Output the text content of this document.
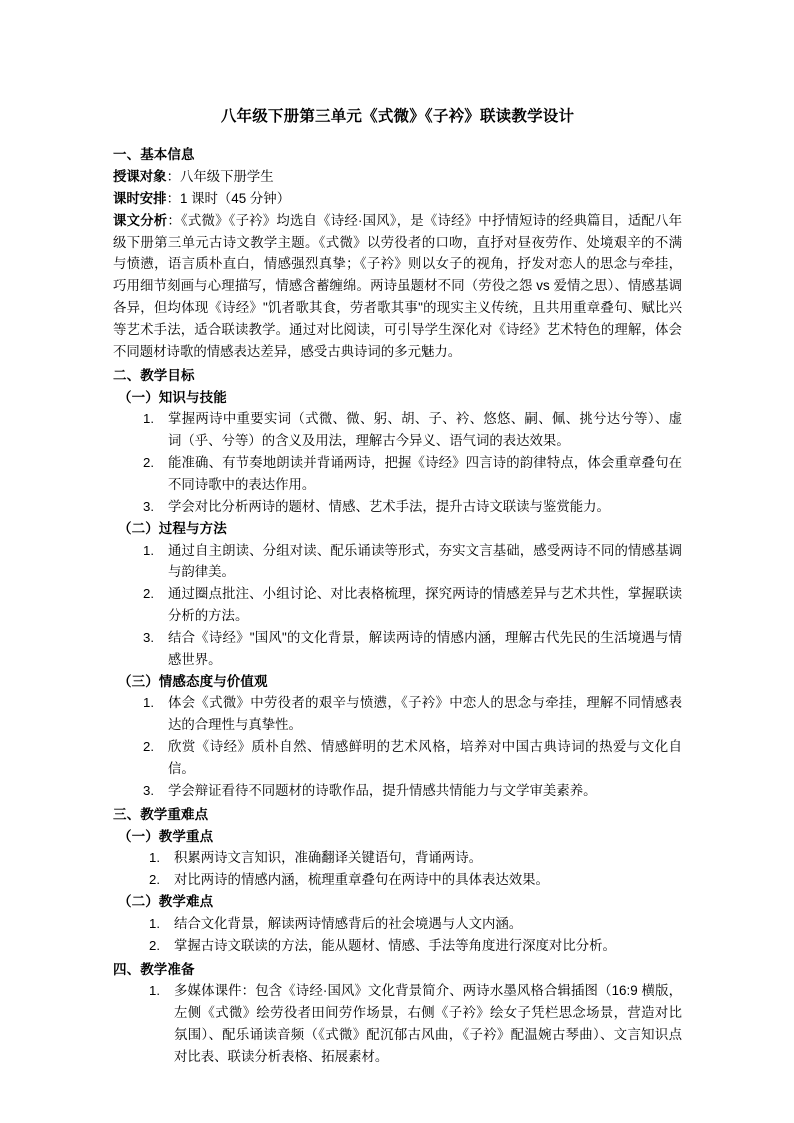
八年级下册第三单元《式微》《子衿》联读教学设计
一、基本信息

授课对象：八年级下册学生

课时安排：1 课时（45 分钟）

课文分析：《式微》《子衿》均选自《诗经·国风》，是《诗经》中抒情短诗的经典篇目，适配八年级下册第三单元古诗文教学主题。《式微》以劳役者的口吻，直抒对昼夜劳作、处境艰辛的不满与愤懑，语言质朴直白，情感强烈真挚；《子衿》则以女子的视角，抒发对恋人的思念与牵挂，巧用细节刻画与心理描写，情感含蓄缠绵。两诗虽题材不同（劳役之怨 vs 爱情之思）、情感基调各异，但均体现《诗经》"饥者歌其食，劳者歌其事"的现实主义传统，且共用重章叠句、赋比兴等艺术手法，适合联读教学。通过对比阅读，可引导学生深化对《诗经》艺术特色的理解，体会不同题材诗歌的情感表达差异，感受古典诗词的多元魅力。

二、教学目标
（一）知识与技能
1.	掌握两诗中重要实词（式微、微、躬、胡、子、衿、悠悠、嗣、佩、挑兮达兮等）、虚词（乎、兮等）的含义及用法，理解古今异义、语气词的表达效果。
2.	能准确、有节奏地朗读并背诵两诗，把握《诗经》四言诗的韵律特点，体会重章叠句在不同诗歌中的表达作用。
3.	学会对比分析两诗的题材、情感、艺术手法，提升古诗文联读与鉴赏能力。
（二）过程与方法
1.	通过自主朗读、分组对读、配乐诵读等形式，夯实文言基础，感受两诗不同的情感基调与韵律美。
2.	通过圈点批注、小组讨论、对比表格梳理，探究两诗的情感差异与艺术共性，掌握联读分析的方法。
3.	结合《诗经》"国风"的文化背景，解读两诗的情感内涵，理解古代先民的生活境遇与情感世界。
（三）情感态度与价值观
1.	体会《式微》中劳役者的艰辛与愤懑，《子衿》中恋人的思念与牵挂，理解不同情感表达的合理性与真挚性。
2.	欣赏《诗经》质朴自然、情感鲜明的艺术风格，培养对中国古典诗词的热爱与文化自信。
3.	学会辩证看待不同题材的诗歌作品，提升情感共情能力与文学审美素养。
三、教学重难点
（一）教学重点
1.	积累两诗文言知识，准确翻译关键语句，背诵两诗。
2.	对比两诗的情感内涵，梳理重章叠句在两诗中的具体表达效果。
（二）教学难点
1.	结合文化背景，解读两诗情感背后的社会境遇与人文内涵。
2.	掌握古诗文联读的方法，能从题材、情感、手法等角度进行深度对比分析。
四、教学准备
1.	多媒体课件：包含《诗经·国风》文化背景简介、两诗水墨风格合辑插图（16:9 横版，左侧《式微》绘劳役者田间劳作场景，右侧《子衿》绘女子凭栏思念场景，营造对比氛围）、配乐诵读音频（《式微》配沉郁古风曲，《子衿》配温婉古琴曲）、文言知识点对比表、联读分析表格、拓展素材。
